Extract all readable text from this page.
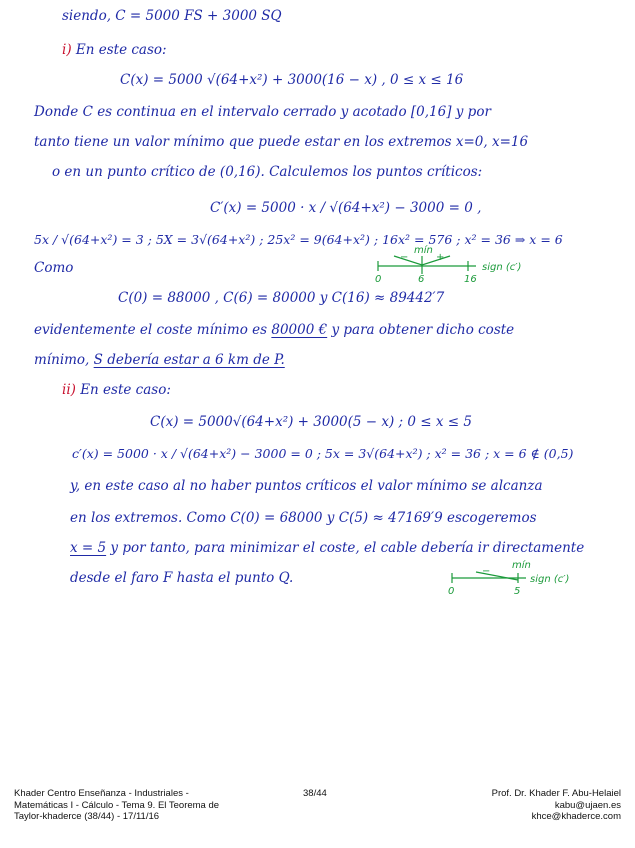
siendo, C = 5000 FS + 3000 SQ
i) En este caso:
C(x) = 5000 √(64+x²) + 3000(16 − x) , 0 ≤ x ≤ 16
Donde C es continua en el intervalo cerrado y acotado [0,16] y por
tanto tiene un valor mínimo que puede estar en los extremos x=0, x=16
o en un punto crítico de (0,16). Calculemos los puntos críticos:
C′(x) = 5000 · x / √(64+x²) − 3000 = 0 ,
5x / √(64+x²) = 3 ; 5X = 3√(64+x²) ; 25x² = 9(64+x²) ; 16x² = 576 ; x² = 36 ⇒ x = 6
Como
−	+
mín
0	6	16
sign (c′)
C(0) = 88000 , C(6) = 80000 y C(16) ≈ 89442′7
evidentemente el coste mínimo es 80000 € y para obtener dicho coste
mínimo, S debería estar a 6 km de P.
ii) En este caso:
C(x) = 5000√(64+x²) + 3000(5 − x) ; 0 ≤ x ≤ 5
c′(x) = 5000 · x / √(64+x²) − 3000 = 0 ; 5x = 3√(64+x²) ; x² = 36 ; x = 6 ∉ (0,5)
y, en este caso al no haber puntos críticos el valor mínimo se alcanza
en los extremos. Como C(0) = 68000 y C(5) ≈ 47169′9 escogeremos
x = 5 y por tanto, para minimizar el coste, el cable debería ir directamente
desde el faro F hasta el punto Q.	−
mín
0	5
sign (c′)
Khader Centro Enseñanza - Industriales -
Matemáticas I - Cálculo - Tema 9. El Teorema de
Taylor-khaderce (38/44) - 17/11/16
38/44	Prof. Dr. Khader F. Abu-Helaiel
kabu@ujaen.es
khce@khaderce.com
